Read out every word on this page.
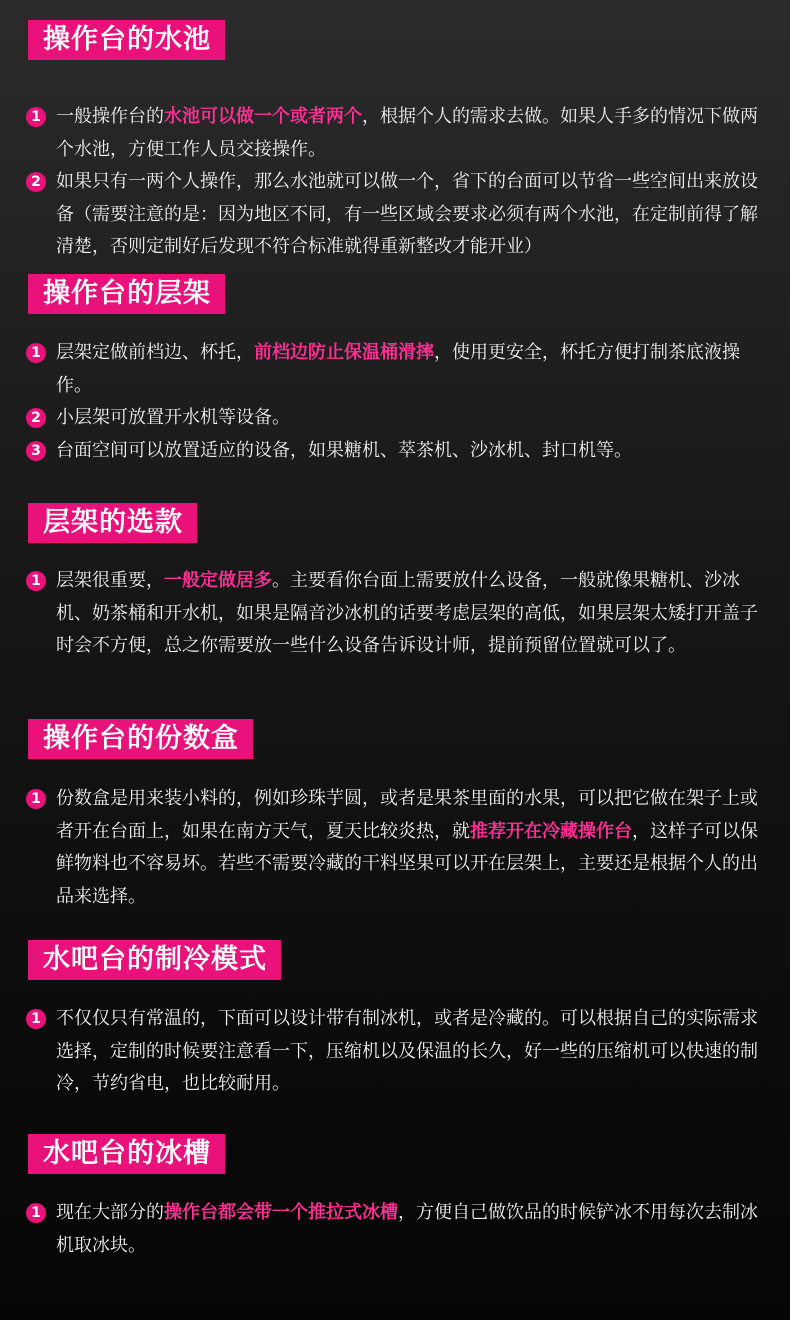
操作台的水池
1 一般操作台的水池可以做一个或者两个，根据个人的需求去做。如果人手多的情况下做两个水池，方便工作人员交接操作。
2 如果只有一两个人操作，那么水池就可以做一个，省下的台面可以节省一些空间出来放设备（需要注意的是：因为地区不同，有一些区域会要求必须有两个水池，在定制前得了解清楚，否则定制好后发现不符合标准就得重新整改才能开业）
操作台的层架
1 层架定做前档边、杯托，前档边防止保温桶滑摔，使用更安全，杯托方便打制茶底液操作。
2 小层架可放置开水机等设备。
3 台面空间可以放置适应的设备，如果糖机、萃茶机、沙冰机、封口机等。
层架的选款
1 层架很重要，一般定做居多。主要看你台面上需要放什么设备，一般就像果糖机、沙冰机、奶茶桶和开水机，如果是隔音沙冰机的话要考虑层架的高低，如果层架太矮打开盖子时会不方便，总之你需要放一些什么设备告诉设计师，提前预留位置就可以了。
操作台的份数盒
1 份数盒是用来装小料的，例如珍珠芋圆，或者是果茶里面的水果，可以把它做在架子上或者开在台面上，如果在南方天气，夏天比较炎热，就推荐开在冷藏操作台，这样子可以保鲜物料也不容易坏。若些不需要冷藏的干料坚果可以开在层架上，主要还是根据个人的出品来选择。
水吧台的制冷模式
1 不仅仅只有常温的，下面可以设计带有制冰机，或者是冷藏的。可以根据自己的实际需求选择，定制的时候要注意看一下，压缩机以及保温的长久，好一些的压缩机可以快速的制冷，节约省电，也比较耐用。
水吧台的冰槽
1 现在大部分的操作台都会带一个推拉式冰槽，方便自己做饮品的时候铲冰不用每次去制冰机取冰块。
